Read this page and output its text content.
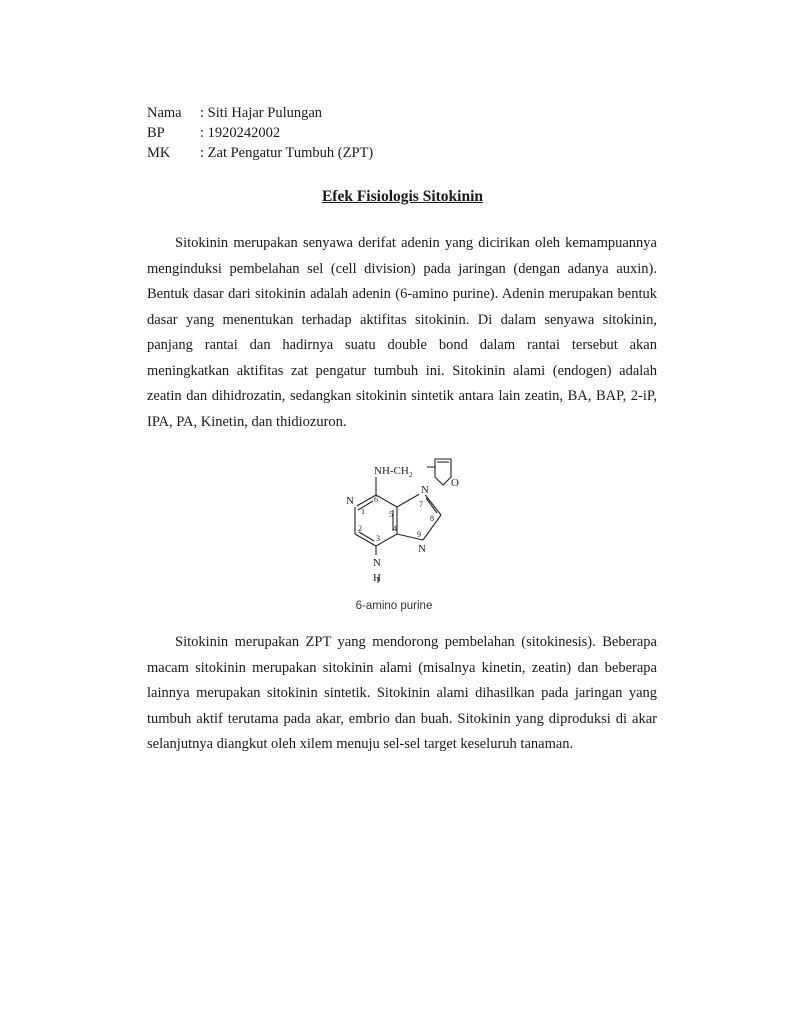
Nama	: Siti Hajar Pulungan
BP	: 1920242002
MK	: Zat Pengatur Tumbuh (ZPT)
Efek Fisiologis Sitokinin

Sitokinin merupakan senyawa derifat adenin yang dicirikan oleh kemampuannya menginduksi pembelahan sel (cell division) pada jaringan (dengan adanya auxin). Bentuk dasar dari sitokinin adalah adenin (6-amino purine). Adenin merupakan bentuk dasar yang menentukan terhadap aktifitas sitokinin. Di dalam senyawa sitokinin, panjang rantai dan hadirnya suatu double bond dalam rantai tersebut akan meningkatkan aktifitas zat pengatur tumbuh ini. Sitokinin alami (endogen) adalah zeatin dan dihidrozatin, sedangkan sitokinin sintetik antara lain zeatin, BA, BAP, 2-iP, IPA, PA, Kinetin, dan thidiozuron.

$NH-CH_2$
N
N
N
N
H
O
1
2
3
4
5
6
7
8
9
6-amino purine

Sitokinin merupakan ZPT yang mendorong pembelahan (sitokinesis). Beberapa macam sitokinin merupakan sitokinin alami (misalnya kinetin, zeatin) dan beberapa lainnya merupakan sitokinin sintetik. Sitokinin alami dihasilkan pada jaringan yang tumbuh aktif terutama pada akar, embrio dan buah. Sitokinin yang diproduksi di akar selanjutnya diangkut oleh xilem menuju sel-sel target keseluruh tanaman.
